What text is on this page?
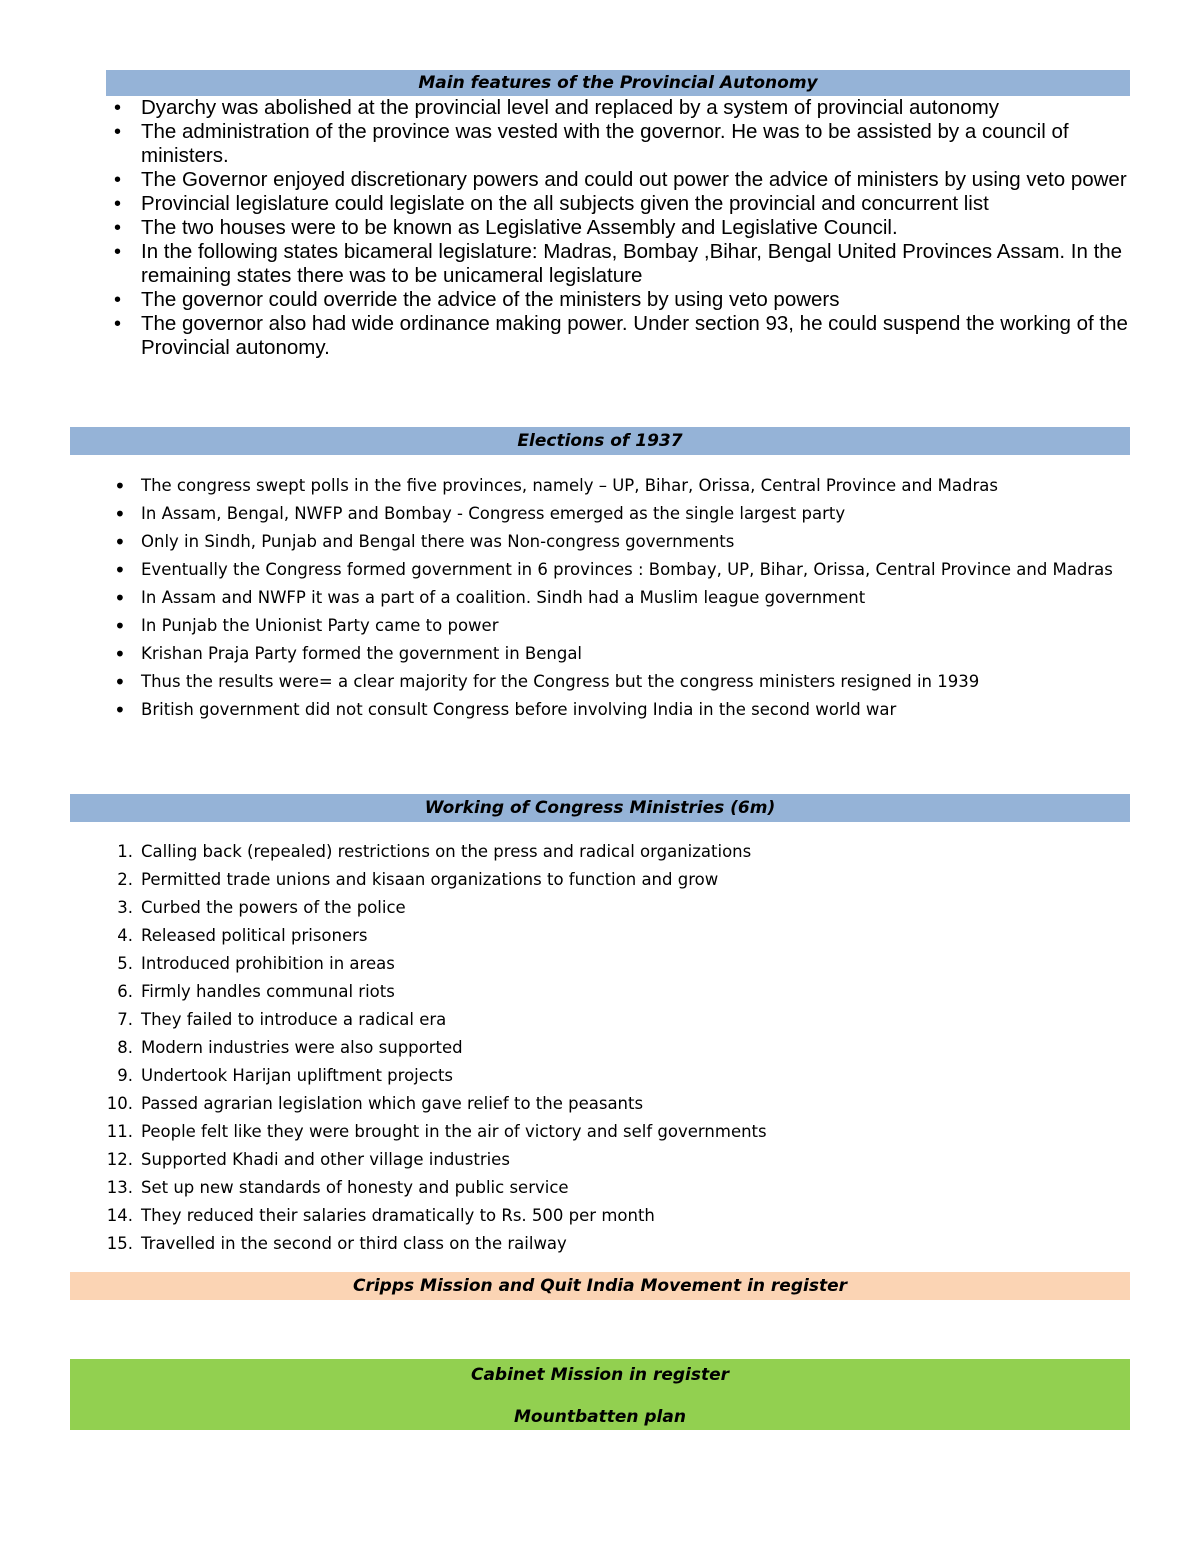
Main features of the Provincial Autonomy
• Dyarchy was abolished at the provincial level and replaced by a system of provincial autonomy
• The administration of the province was vested with the governor. He was to be assisted by a council of ministers.
• The Governor enjoyed discretionary powers and could out power the advice of ministers by using veto power
• Provincial legislature could legislate on the all subjects given the provincial and concurrent list
• The two houses were to be known as Legislative Assembly and Legislative Council.
• In the following states bicameral legislature: Madras, Bombay ,Bihar, Bengal United Provinces Assam. In the remaining states there was to be unicameral legislature
• The governor could override the advice of the ministers by using veto powers
• The governor also had wide ordinance making power. Under section 93, he could suspend the working of the Provincial autonomy.
Elections of 1937
• The congress swept polls in the five provinces, namely – UP, Bihar, Orissa, Central Province and Madras
• In Assam, Bengal, NWFP and Bombay - Congress emerged as the single largest party
• Only in Sindh, Punjab and Bengal there was Non-congress governments
• Eventually the Congress formed government in 6 provinces : Bombay, UP, Bihar, Orissa, Central Province and Madras
• In Assam and NWFP it was a part of a coalition. Sindh had a Muslim league government
• In Punjab the Unionist Party came to power
• Krishan Praja Party formed the government in Bengal
• Thus the results were= a clear majority for the Congress but the congress ministers resigned in 1939
• British government did not consult Congress before involving India in the second world war
Working of Congress Ministries (6m)
1. Calling back (repealed) restrictions on the press and radical organizations
2. Permitted trade unions and kisaan organizations to function and grow
3. Curbed the powers of the police
4. Released political prisoners
5. Introduced prohibition in areas
6. Firmly handles communal riots
7. They failed to introduce a radical era
8. Modern industries were also supported
9. Undertook Harijan upliftment projects
10. Passed agrarian legislation which gave relief to the peasants
11. People felt like they were brought in the air of victory and self governments
12. Supported Khadi and other village industries
13. Set up new standards of honesty and public service
14. They reduced their salaries dramatically to Rs. 500 per month
15. Travelled in the second or third class on the railway
Cripps Mission and Quit India Movement in register
Cabinet Mission in register
Mountbatten plan
